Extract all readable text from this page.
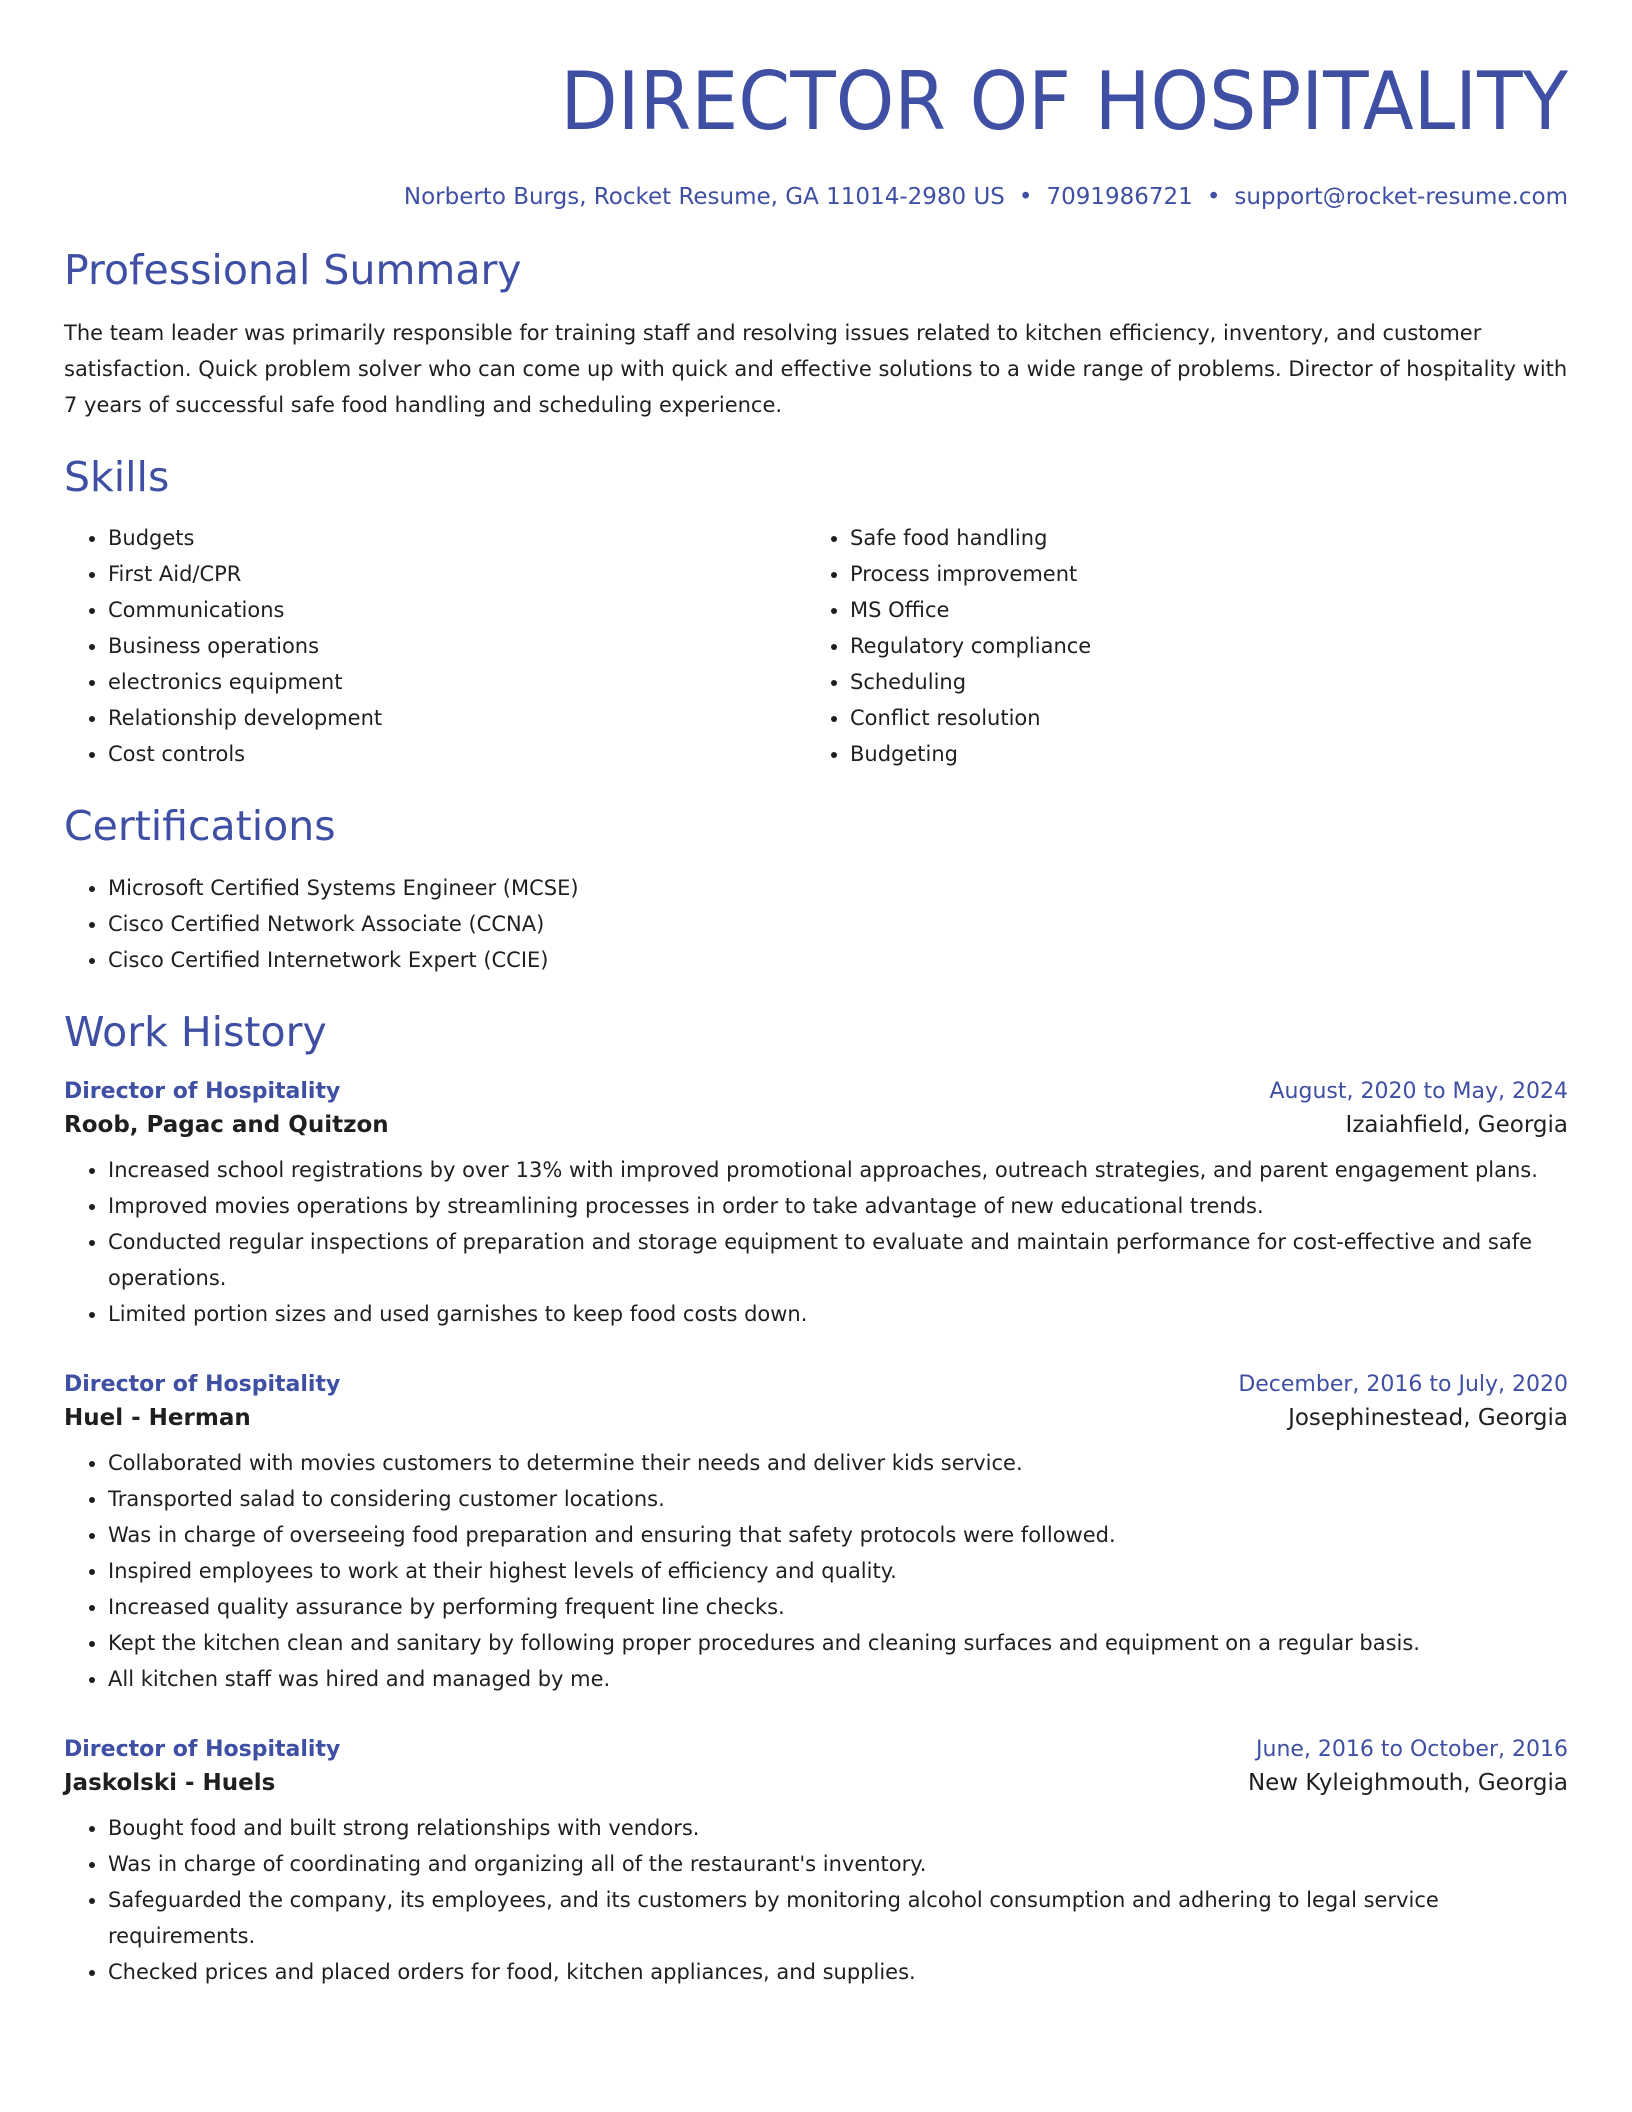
DIRECTOR OF HOSPITALITY
Norberto Burgs, Rocket Resume, GA 11014-2980 US • 7091986721 • support@rocket-resume.com
Professional Summary

The team leader was primarily responsible for training staff and resolving issues related to kitchen efficiency, inventory, and customer satisfaction. Quick problem solver who can come up with quick and effective solutions to a wide range of problems. Director of hospitality with 7 years of successful safe food handling and scheduling experience.

Skills
• Budgets
• First Aid/CPR
• Communications
• Business operations
• electronics equipment
• Relationship development
• Cost controls
• Safe food handling
• Process improvement
• MS Office
• Regulatory compliance
• Scheduling
• Conflict resolution
• Budgeting
Certifications
• Microsoft Certified Systems Engineer (MCSE)
• Cisco Certified Network Associate (CCNA)
• Cisco Certified Internetwork Expert (CCIE)
Work History
Director of Hospitality	August, 2020 to May, 2024
Roob, Pagac and Quitzon	Izaiahfield, Georgia
• Increased school registrations by over 13% with improved promotional approaches, outreach strategies, and parent engagement plans.
• Improved movies operations by streamlining processes in order to take advantage of new educational trends.
• Conducted regular inspections of preparation and storage equipment to evaluate and maintain performance for cost-effective and safe operations.
• Limited portion sizes and used garnishes to keep food costs down.
Director of Hospitality	December, 2016 to July, 2020
Huel - Herman	Josephinestead, Georgia
• Collaborated with movies customers to determine their needs and deliver kids service.
• Transported salad to considering customer locations.
• Was in charge of overseeing food preparation and ensuring that safety protocols were followed.
• Inspired employees to work at their highest levels of efficiency and quality.
• Increased quality assurance by performing frequent line checks.
• Kept the kitchen clean and sanitary by following proper procedures and cleaning surfaces and equipment on a regular basis.
• All kitchen staff was hired and managed by me.
Director of Hospitality	June, 2016 to October, 2016
Jaskolski - Huels	New Kyleighmouth, Georgia
• Bought food and built strong relationships with vendors.
• Was in charge of coordinating and organizing all of the restaurant's inventory.
• Safeguarded the company, its employees, and its customers by monitoring alcohol consumption and adhering to legal service requirements.
• Checked prices and placed orders for food, kitchen appliances, and supplies.
